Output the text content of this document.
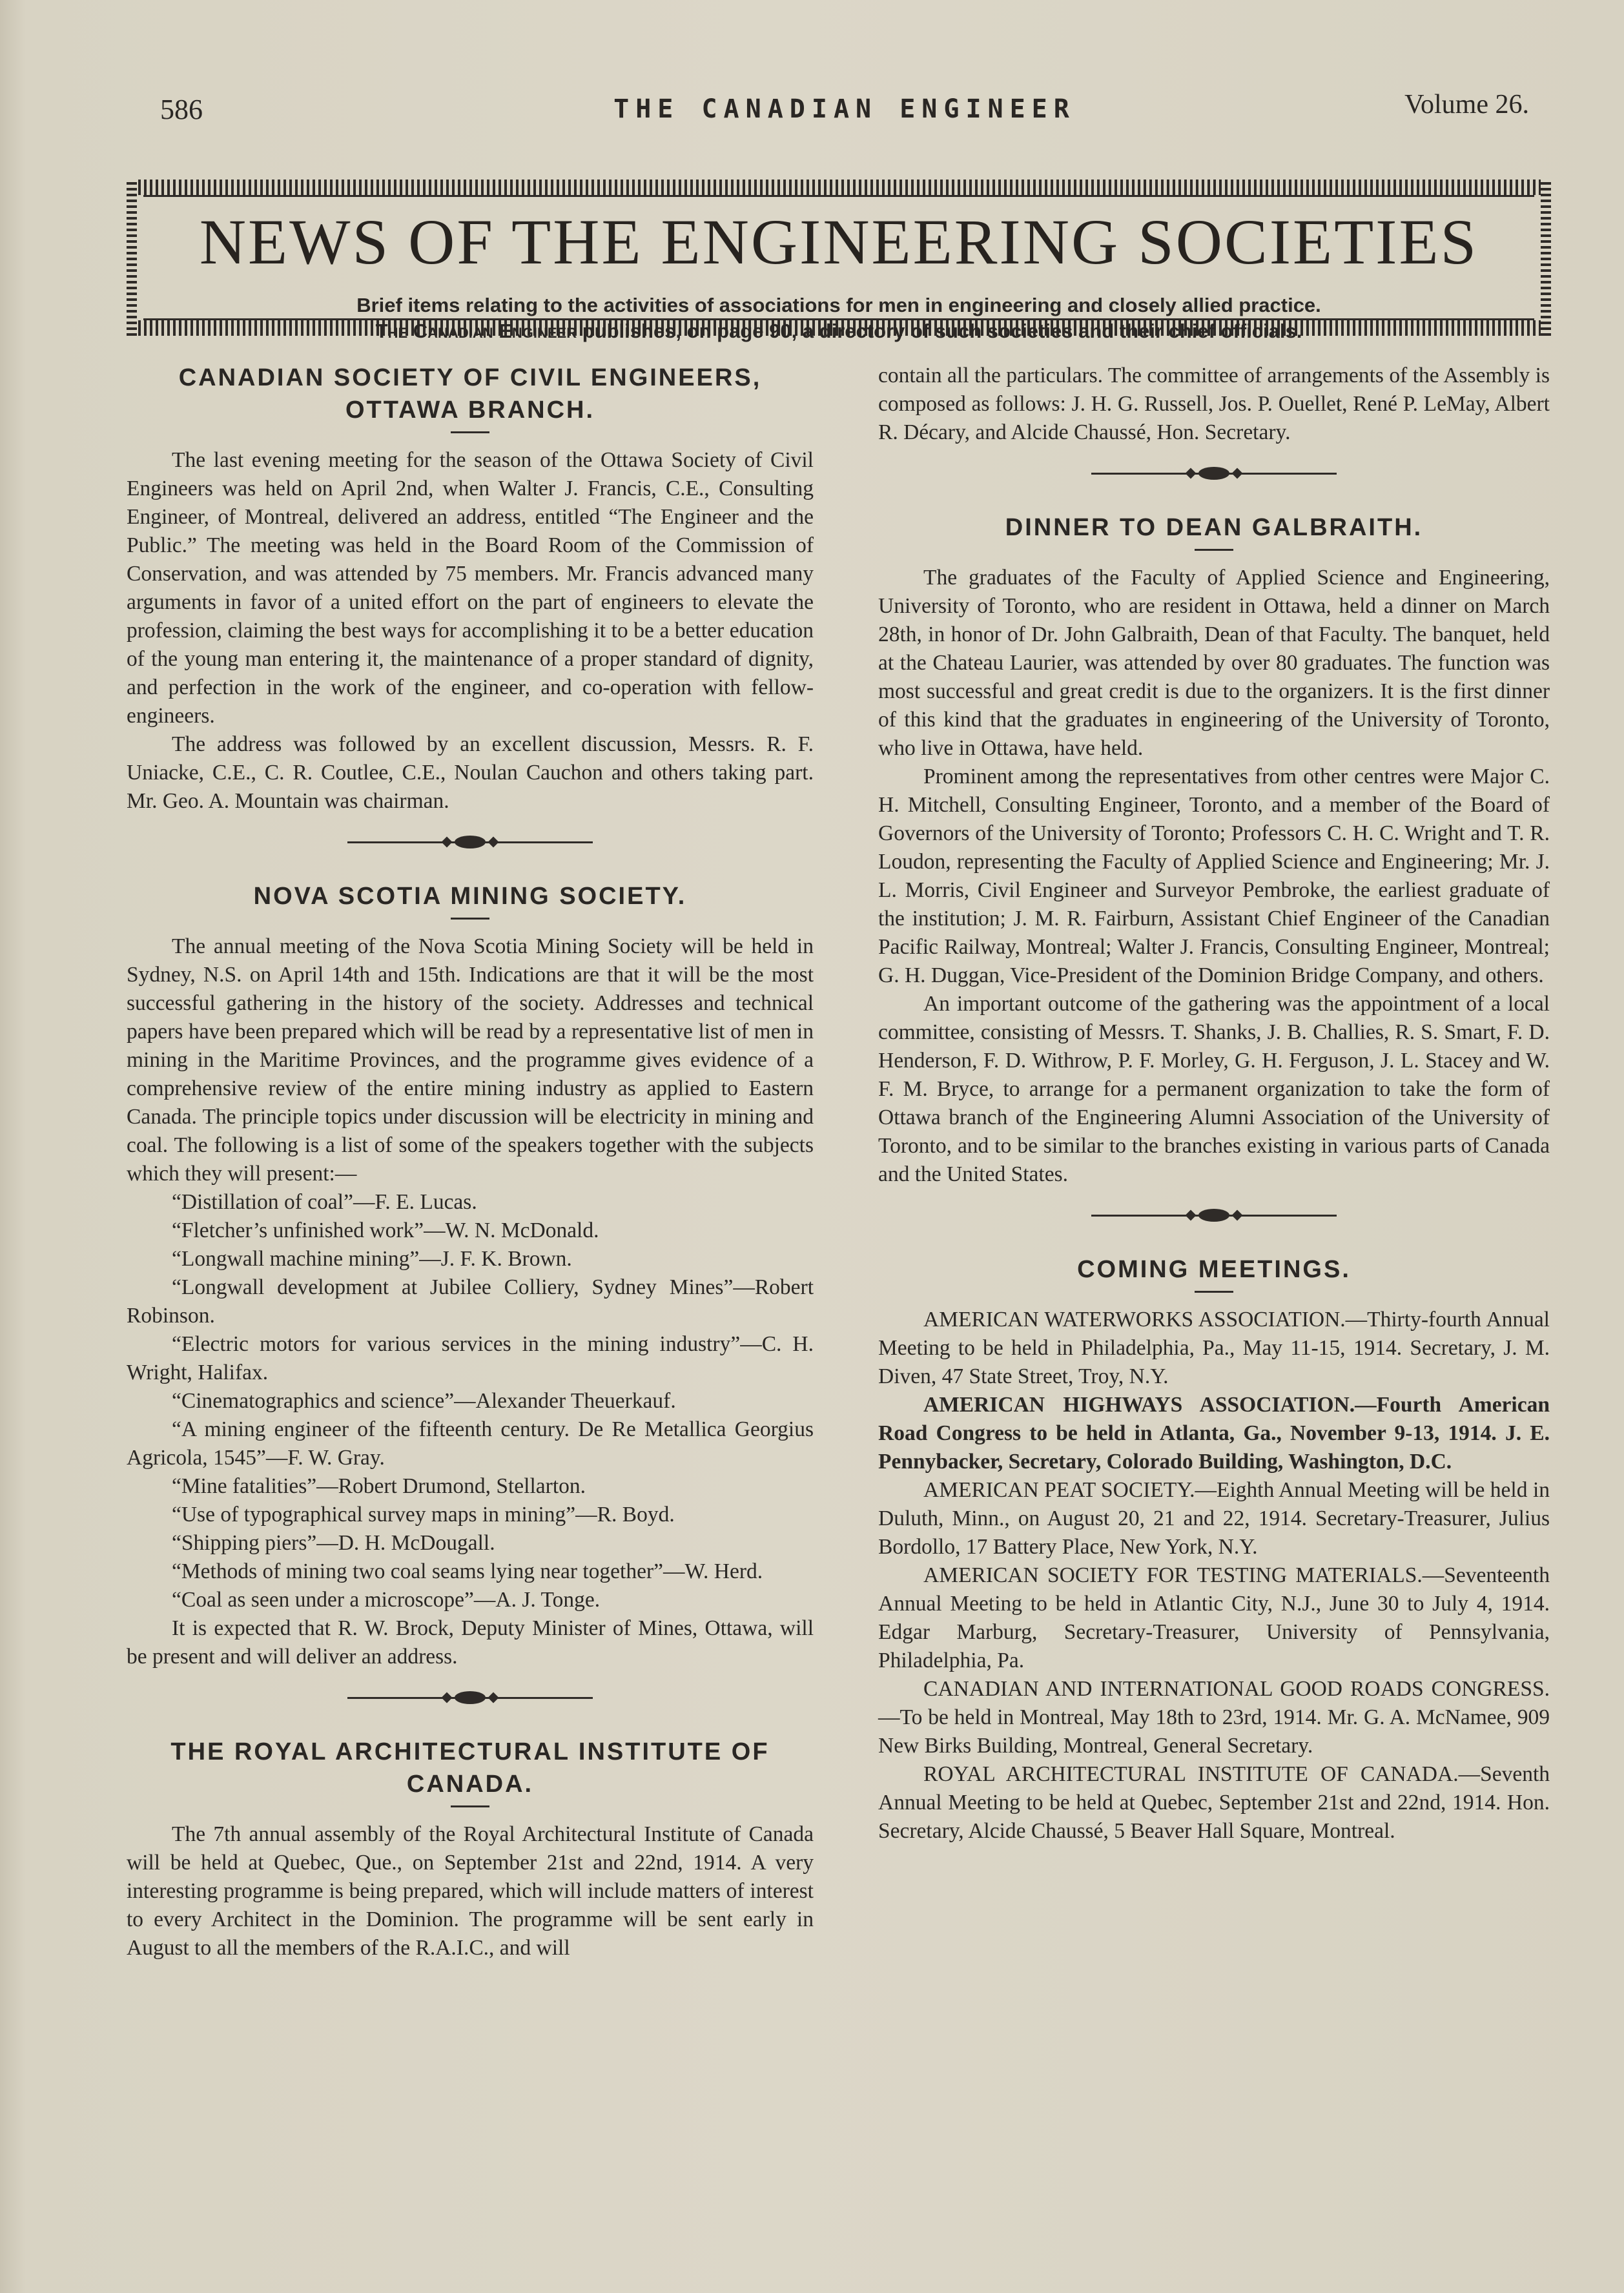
586	THE CANADIAN ENGINEER	Volume 26.
NEWS OF THE ENGINEERING SOCIETIES
Brief items relating to the activities of associations for men in engineering and closely allied practice.
The Canadian Engineer publishes, on page 90, a directory of such societies and their chief officials.
CANADIAN SOCIETY OF CIVIL ENGINEERS, OTTAWA BRANCH.

The last evening meeting for the season of the Ottawa Society of Civil Engineers was held on April 2nd, when Walter J. Francis, C.E., Consulting Engineer, of Montreal, delivered an address, entitled “The Engineer and the Public.” The meeting was held in the Board Room of the Commission of Conservation, and was attended by 75 members. Mr. Francis advanced many arguments in favor of a united effort on the part of engineers to elevate the profession, claiming the best ways for accomplishing it to be a better education of the young man entering it, the maintenance of a proper standard of dignity, and perfection in the work of the engineer, and co-operation with fellow-engineers.

The address was followed by an excellent discussion, Messrs. R. F. Uniacke, C.E., C. R. Coutlee, C.E., Noulan Cauchon and others taking part. Mr. Geo. A. Mountain was chairman.

NOVA SCOTIA MINING SOCIETY.

The annual meeting of the Nova Scotia Mining Society will be held in Sydney, N.S. on April 14th and 15th. Indications are that it will be the most successful gathering in the history of the society. Addresses and technical papers have been prepared which will be read by a representative list of men in mining in the Maritime Provinces, and the programme gives evidence of a comprehensive review of the entire mining industry as applied to Eastern Canada. The principle topics under discussion will be electricity in mining and coal. The following is a list of some of the speakers together with the subjects which they will present:—

“Distillation of coal”—F. E. Lucas.

“Fletcher’s unfinished work”—W. N. McDonald.

“Longwall machine mining”—J. F. K. Brown.

“Longwall development at Jubilee Colliery, Sydney Mines”—Robert Robinson.

“Electric motors for various services in the mining industry”—C. H. Wright, Halifax.

“Cinematographics and science”—Alexander Theuerkauf.

“A mining engineer of the fifteenth century. De Re Metallica Georgius Agricola, 1545”—F. W. Gray.

“Mine fatalities”—Robert Drumond, Stellarton.

“Use of typographical survey maps in mining”—R. Boyd.

“Shipping piers”—D. H. McDougall.

“Methods of mining two coal seams lying near together”—W. Herd.

“Coal as seen under a microscope”—A. J. Tonge.

It is expected that R. W. Brock, Deputy Minister of Mines, Ottawa, will be present and will deliver an address.

THE ROYAL ARCHITECTURAL INSTITUTE OF CANADA.

The 7th annual assembly of the Royal Architectural Institute of Canada will be held at Quebec, Que., on September 21st and 22nd, 1914. A very interesting programme is being prepared, which will include matters of interest to every Architect in the Dominion. The programme will be sent early in August to all the members of the R.A.I.C., and will

contain all the particulars. The committee of arrangements of the Assembly is composed as follows: J. H. G. Russell, Jos. P. Ouellet, René P. LeMay, Albert R. Décary, and Alcide Chaussé, Hon. Secretary.

DINNER TO DEAN GALBRAITH.

The graduates of the Faculty of Applied Science and Engineering, University of Toronto, who are resident in Ottawa, held a dinner on March 28th, in honor of Dr. John Galbraith, Dean of that Faculty. The banquet, held at the Chateau Laurier, was attended by over 80 graduates. The function was most successful and great credit is due to the organizers. It is the first dinner of this kind that the graduates in engineering of the University of Toronto, who live in Ottawa, have held.

Prominent among the representatives from other centres were Major C. H. Mitchell, Consulting Engineer, Toronto, and a member of the Board of Governors of the University of Toronto; Professors C. H. C. Wright and T. R. Loudon, representing the Faculty of Applied Science and Engineering; Mr. J. L. Morris, Civil Engineer and Surveyor Pembroke, the earliest graduate of the institution; J. M. R. Fairburn, Assistant Chief Engineer of the Canadian Pacific Railway, Montreal; Walter J. Francis, Consulting Engineer, Montreal; G. H. Duggan, Vice-President of the Dominion Bridge Company, and others.

An important outcome of the gathering was the appointment of a local committee, consisting of Messrs. T. Shanks, J. B. Challies, R. S. Smart, F. D. Henderson, F. D. Withrow, P. F. Morley, G. H. Ferguson, J. L. Stacey and W. F. M. Bryce, to arrange for a permanent organization to take the form of Ottawa branch of the Engineering Alumni Association of the University of Toronto, and to be similar to the branches existing in various parts of Canada and the United States.

COMING MEETINGS.

AMERICAN WATERWORKS ASSOCIATION.—Thirty-fourth Annual Meeting to be held in Philadelphia, Pa., May 11-15, 1914. Secretary, J. M. Diven, 47 State Street, Troy, N.Y.

AMERICAN HIGHWAYS ASSOCIATION.—Fourth American Road Congress to be held in Atlanta, Ga., November 9-13, 1914. J. E. Pennybacker, Secretary, Colorado Building, Washington, D.C.

AMERICAN PEAT SOCIETY.—Eighth Annual Meeting will be held in Duluth, Minn., on August 20, 21 and 22, 1914. Secretary-Treasurer, Julius Bordollo, 17 Battery Place, New York, N.Y.

AMERICAN SOCIETY FOR TESTING MATERIALS.—Seventeenth Annual Meeting to be held in Atlantic City, N.J., June 30 to July 4, 1914. Edgar Marburg, Secretary-Treasurer, University of Pennsylvania, Philadelphia, Pa.

CANADIAN AND INTERNATIONAL GOOD ROADS CONGRESS.—To be held in Montreal, May 18th to 23rd, 1914. Mr. G. A. McNamee, 909 New Birks Building, Montreal, General Secretary.

ROYAL ARCHITECTURAL INSTITUTE OF CANADA.—Seventh Annual Meeting to be held at Quebec, September 21st and 22nd, 1914. Hon. Secretary, Alcide Chaussé, 5 Beaver Hall Square, Montreal.
